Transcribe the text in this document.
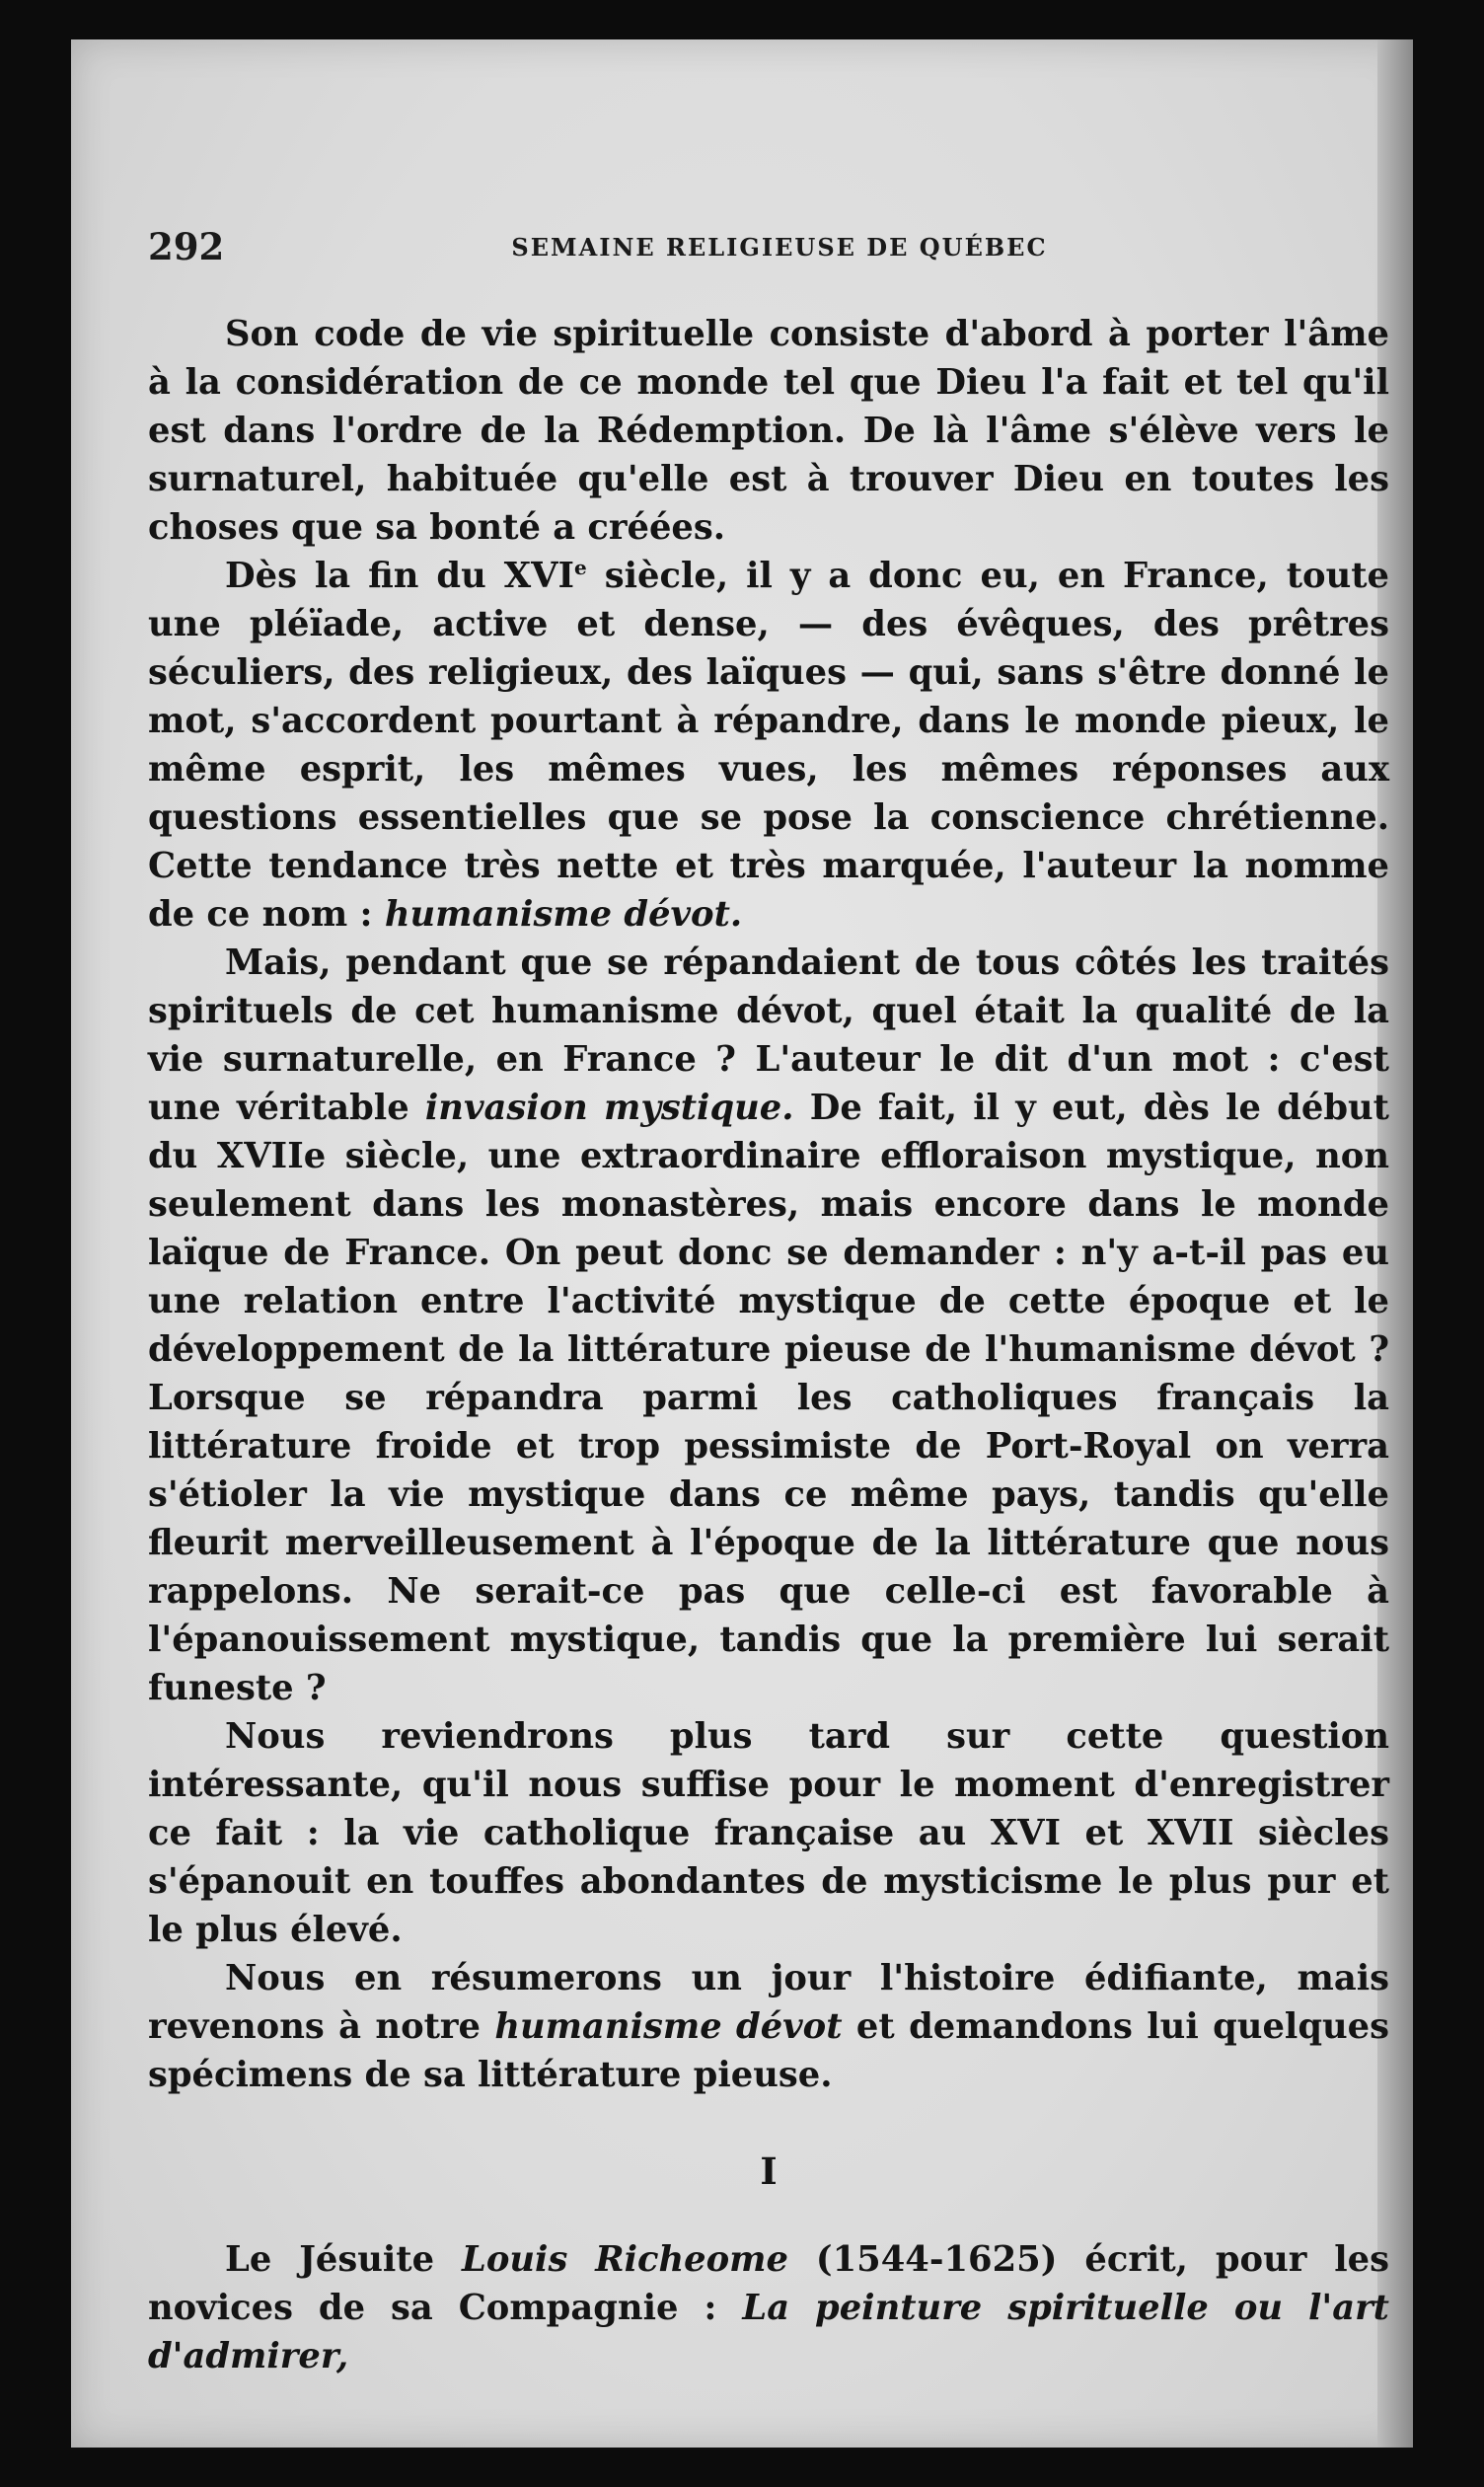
292	SEMAINE RELIGIEUSE DE QUÉBEC

Son code de vie spirituelle consiste d'abord à porter l'âme à la considération de ce monde tel que Dieu l'a fait et tel qu'il est dans l'ordre de la Rédemption. De là l'âme s'élève vers le surnaturel, habituée qu'elle est à trouver Dieu en toutes les choses que sa bonté a créées.

Dès la fin du XVIe siècle, il y a donc eu, en France, toute une pléïade, active et dense, — des évêques, des prêtres séculiers, des religieux, des laïques — qui, sans s'être donné le mot, s'accordent pourtant à répandre, dans le monde pieux, le même esprit, les mêmes vues, les mêmes réponses aux questions essentielles que se pose la conscience chrétienne. Cette tendance très nette et très marquée, l'auteur la nomme de ce nom : humanisme dévot.

Mais, pendant que se répandaient de tous côtés les traités spirituels de cet humanisme dévot, quel était la qualité de la vie surnaturelle, en France ? L'auteur le dit d'un mot : c'est une véritable invasion mystique. De fait, il y eut, dès le début du XVIIe siècle, une extraordinaire effloraison mystique, non seulement dans les monastères, mais encore dans le monde laïque de France. On peut donc se demander : n'y a-t-il pas eu une relation entre l'activité mystique de cette époque et le développement de la littérature pieuse de l'humanisme dévot ? Lorsque se répandra parmi les catholiques français la littérature froide et trop pessimiste de Port-Royal on verra s'étioler la vie mystique dans ce même pays, tandis qu'elle fleurit merveilleusement à l'époque de la littérature que nous rappelons. Ne serait-ce pas que celle-ci est favorable à l'épanouissement mystique, tandis que la première lui serait funeste ?

Nous reviendrons plus tard sur cette question intéressante, qu'il nous suffise pour le moment d'enregistrer ce fait : la vie catholique française au XVI et XVII siècles s'épanouit en touffes abondantes de mysticisme le plus pur et le plus élevé.

Nous en résumerons un jour l'histoire édifiante, mais revenons à notre humanisme dévot et demandons lui quelques spécimens de sa littérature pieuse.

I

Le Jésuite Louis Richeome (1544-1625) écrit, pour les novices de sa Compagnie : La peinture spirituelle ou l'art d'admirer,
